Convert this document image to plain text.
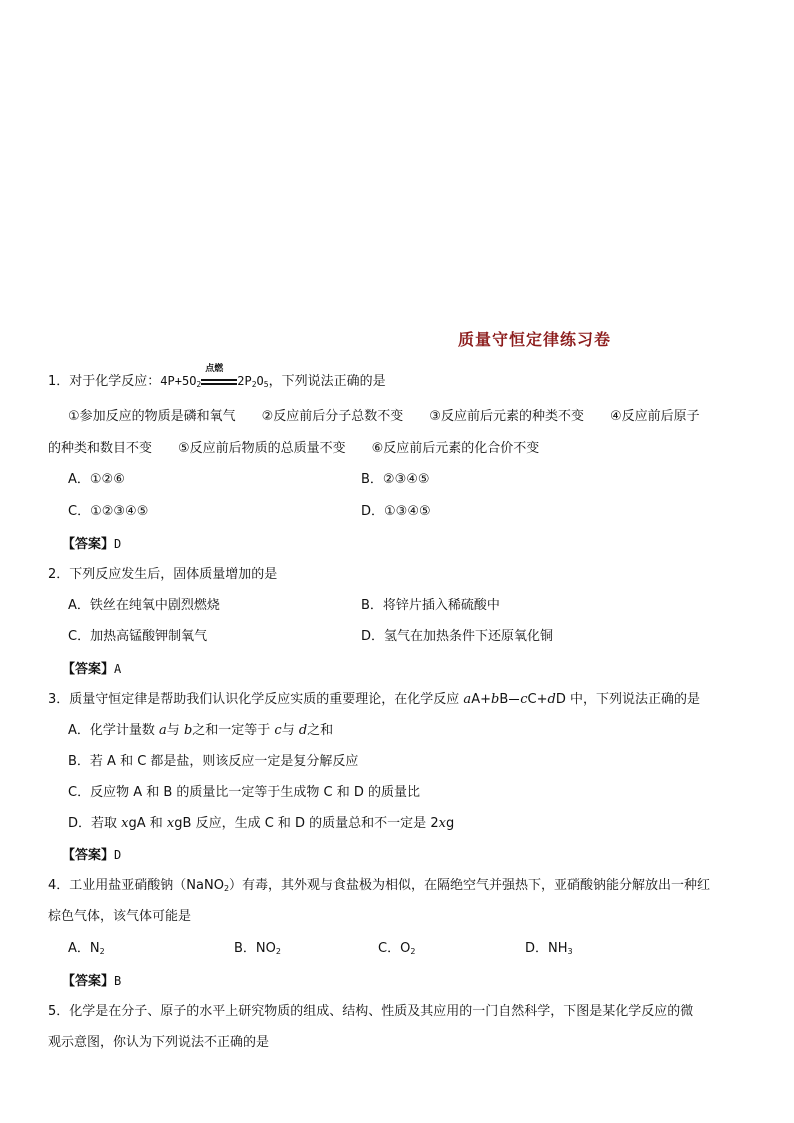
质量守恒定律练习卷
1．对于化学反应：$4P+5O_2$
点燃
$2P_2O_5$，下列说法正确的是
①参加反应的物质是磷和氧气　　②反应前后分子总数不变　　③反应前后元素的种类不变　　④反应前后原子
的种类和数目不变　　⑤反应前后物质的总质量不变　　⑥反应前后元素的化合价不变
A．①②⑥	B．②③④⑤
C．①②③④⑤	D．①③④⑤
【答案】D
2．下列反应发生后，固体质量增加的是
A．铁丝在纯氧中剧烈燃烧	B．将锌片插入稀硫酸中
C．加热高锰酸钾制氧气	D．氢气在加热条件下还原氧化铜
【答案】A
3．质量守恒定律是帮助我们认识化学反应实质的重要理论，在化学反应 aA+bB cC+dD 中，下列说法正确的是
A．化学计量数 a与 b之和一定等于 c与 d之和
B．若 A 和 C 都是盐，则该反应一定是复分解反应
C．反应物 A 和 B 的质量比一定等于生成物 C 和 D 的质量比
D．若取 xgA 和 xgB 反应，生成 C 和 D 的质量总和不一定是 2xg
【答案】D
4．工业用盐亚硝酸钠（NaNO$_2$）有毒，其外观与食盐极为相似，在隔绝空气并强热下，亚硝酸钠能分解放出一种红
棕色气体，该气体可能是
A．$N_2$	B．$NO_2$	C．$O_2$	D．$NH_3$
【答案】B
5．化学是在分子、原子的水平上研究物质的组成、结构、性质及其应用的一门自然科学，下图是某化学反应的微
观示意图，你认为下列说法不正确的是
